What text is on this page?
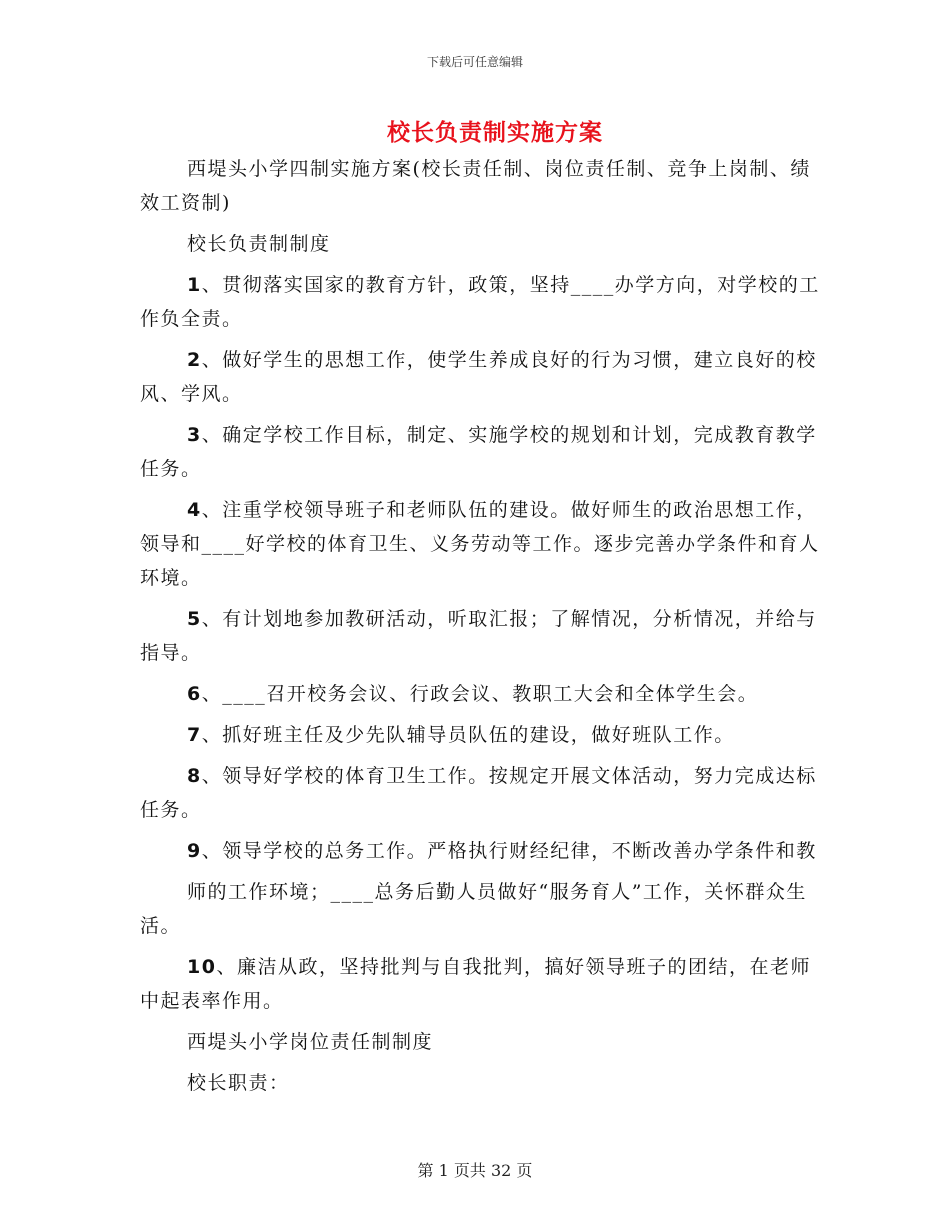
下载后可任意编辑
校长负责制实施方案

西堤头小学四制实施方案(校长责任制、岗位责任制、竞争上岗制、绩效工资制)

校长负责制制度

1、贯彻落实国家的教育方针，政策，坚持____办学方向，对学校的工作负全责。

2、做好学生的思想工作，使学生养成良好的行为习惯，建立良好的校风、学风。

3、确定学校工作目标，制定、实施学校的规划和计划，完成教育教学任务。

4、注重学校领导班子和老师队伍的建设。做好师生的政治思想工作，领导和____好学校的体育卫生、义务劳动等工作。逐步完善办学条件和育人环境。

5、有计划地参加教研活动，听取汇报；了解情况，分析情况，并给与指导。

6、____召开校务会议、行政会议、教职工大会和全体学生会。

7、抓好班主任及少先队辅导员队伍的建设，做好班队工作。

8、领导好学校的体育卫生工作。按规定开展文体活动，努力完成达标任务。

9、领导学校的总务工作。严格执行财经纪律，不断改善办学条件和教

师的工作环境；____总务后勤人员做好“服务育人”工作，关怀群众生活。

10、廉洁从政，坚持批判与自我批判，搞好领导班子的团结，在老师中起表率作用。

西堤头小学岗位责任制制度

校长职责：

第 1 页共 32 页
